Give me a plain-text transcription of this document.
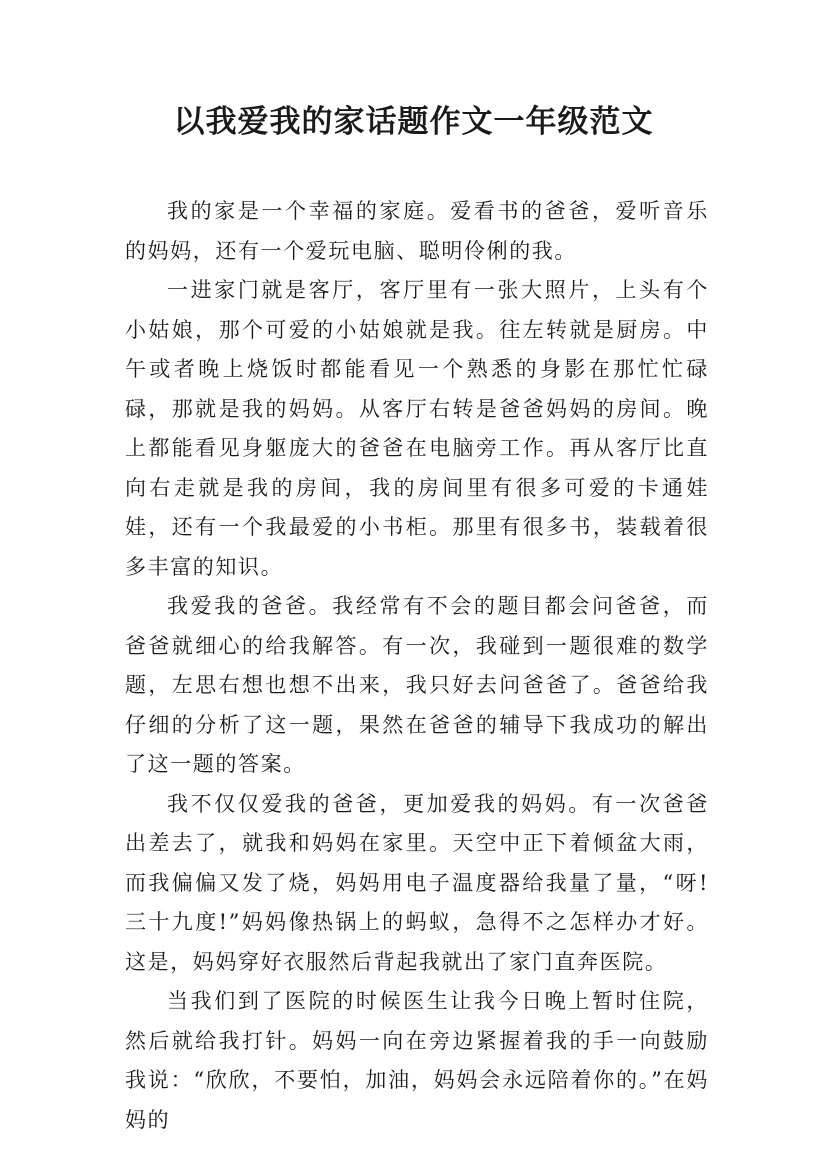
以我爱我的家话题作文一年级范文

我的家是一个幸福的家庭。爱看书的爸爸，爱听音乐的妈妈，还有一个爱玩电脑、聪明伶俐的我。

一进家门就是客厅，客厅里有一张大照片，上头有个小姑娘，那个可爱的小姑娘就是我。往左转就是厨房。中午或者晚上烧饭时都能看见一个熟悉的身影在那忙忙碌碌，那就是我的妈妈。从客厅右转是爸爸妈妈的房间。晚上都能看见身躯庞大的爸爸在电脑旁工作。再从客厅比直向右走就是我的房间，我的房间里有很多可爱的卡通娃娃，还有一个我最爱的小书柜。那里有很多书，装载着很多丰富的知识。

我爱我的爸爸。我经常有不会的题目都会问爸爸，而爸爸就细心的给我解答。有一次，我碰到一题很难的数学题，左思右想也想不出来，我只好去问爸爸了。爸爸给我仔细的分析了这一题，果然在爸爸的辅导下我成功的解出了这一题的答案。

我不仅仅爱我的爸爸，更加爱我的妈妈。有一次爸爸出差去了，就我和妈妈在家里。天空中正下着倾盆大雨，而我偏偏又发了烧，妈妈用电子温度器给我量了量，“呀!三十九度!”妈妈像热锅上的蚂蚁，急得不之怎样办才好。这是，妈妈穿好衣服然后背起我就出了家门直奔医院。

当我们到了医院的时候医生让我今日晚上暂时住院，然后就给我打针。妈妈一向在旁边紧握着我的手一向鼓励我说：“欣欣，不要怕，加油，妈妈会永远陪着你的。”在妈妈的
